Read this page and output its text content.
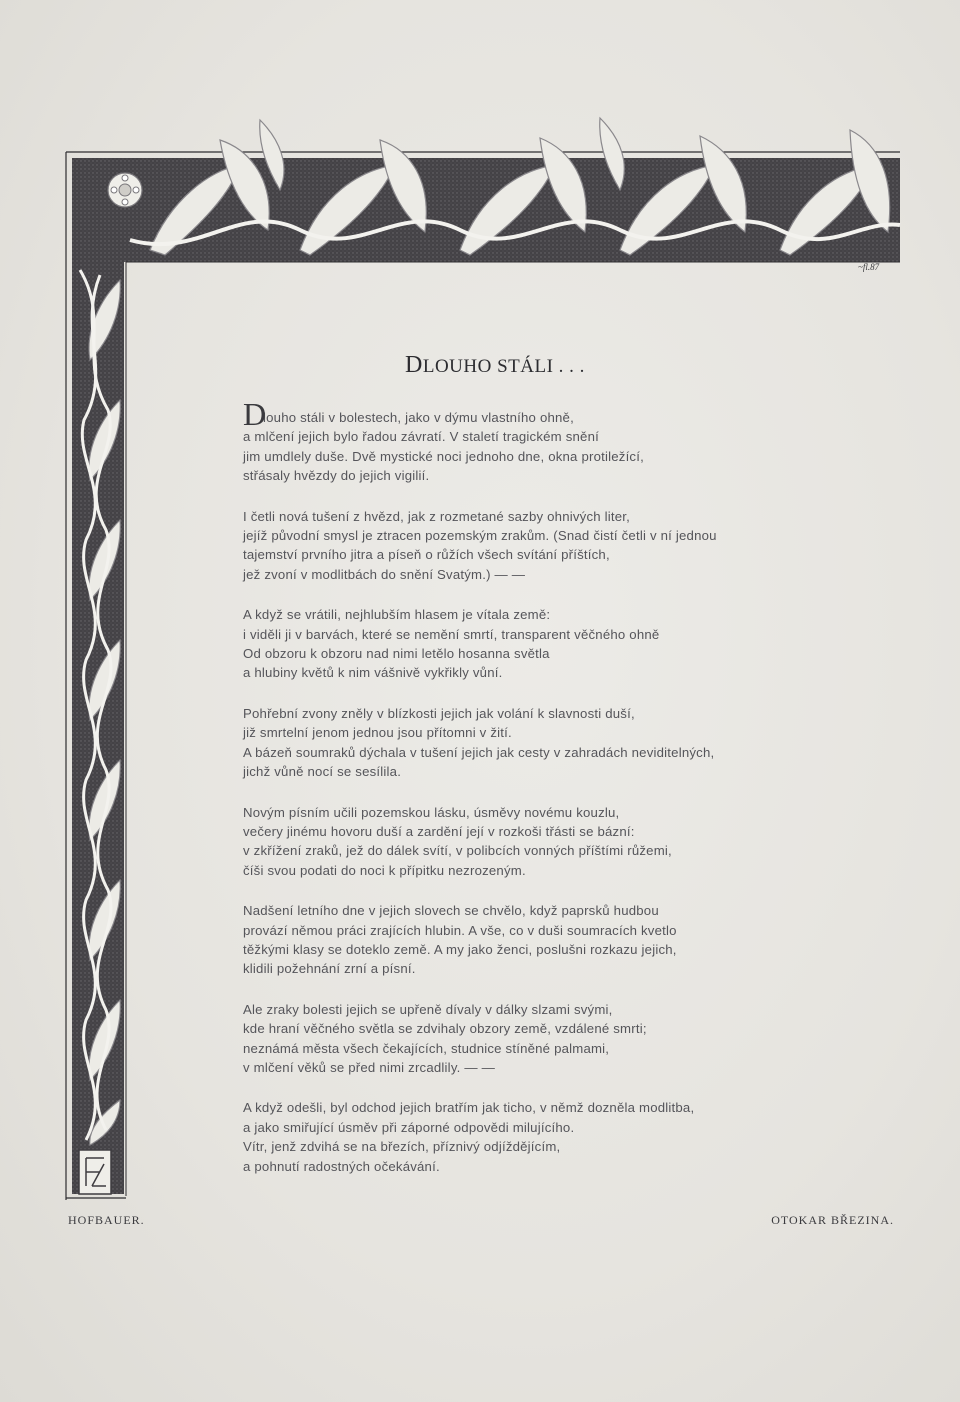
~fl.87
DLOUHO STÁLI . . .
D
louho stáli v bolestech, jako v dýmu vlastního ohně,
a mlčení jejich bylo řadou závratí. V staletí tragickém snění
jim umdlely duše. Dvě mystické noci jednoho dne, okna protiležící,
střásaly hvězdy do jejich vigilií.
I četli nová tušení z hvězd, jak z rozmetané sazby ohnivých liter,
jejíž původní smysl je ztracen pozemským zrakům. (Snad čistí četli v ní jednou
tajemství prvního jitra a píseň o růžích všech svítání příštích,
jež zvoní v modlitbách do snění Svatým.) — —
A když se vrátili, nejhlubším hlasem je vítala země:
i viděli ji v barvách, které se nemění smrtí, transparent věčného ohně
Od obzoru k obzoru nad nimi letělo hosanna světla
a hlubiny květů k nim vášnivě vykřikly vůní.
Pohřební zvony zněly v blízkosti jejich jak volání k slavnosti duší,
již smrtelní jenom jednou jsou přítomni v žití.
A bázeň soumraků dýchala v tušení jejich jak cesty v zahradách neviditelných,
jichž vůně nocí se sesílila.
Novým písním učili pozemskou lásku, úsměvy novému kouzlu,
večery jinému hovoru duší a zardění její v rozkoši třásti se bázní:
v zkřížení zraků, jež do dálek svítí, v polibcích vonných příštími růžemi,
číši svou podati do noci k přípitku nezrozeným.
Nadšení letního dne v jejich slovech se chvělo, když paprsků hudbou
provází němou práci zrajících hlubin. A vše, co v duši soumracích kvetlo
těžkými klasy se doteklo země. A my jako ženci, poslušni rozkazu jejich,
klidili požehnání zrní a písní.
Ale zraky bolesti jejich se upřeně dívaly v dálky slzami svými,
kde hraní věčného světla se zdvihaly obzory země, vzdálené smrti;
neznámá města všech čekajících, studnice stíněné palmami,
v mlčení věků se před nimi zrcadlily. — —
A když odešli, byl odchod jejich bratřím jak ticho, v němž dozněla modlitba,
a jako smiřující úsměv při záporné odpovědi milujícího.
Vítr, jenž zdvihá se na březích, příznivý odjíždějícím,
a pohnutí radostných očekávání.
HOFBAUER.	OTOKAR BŘEZINA.
